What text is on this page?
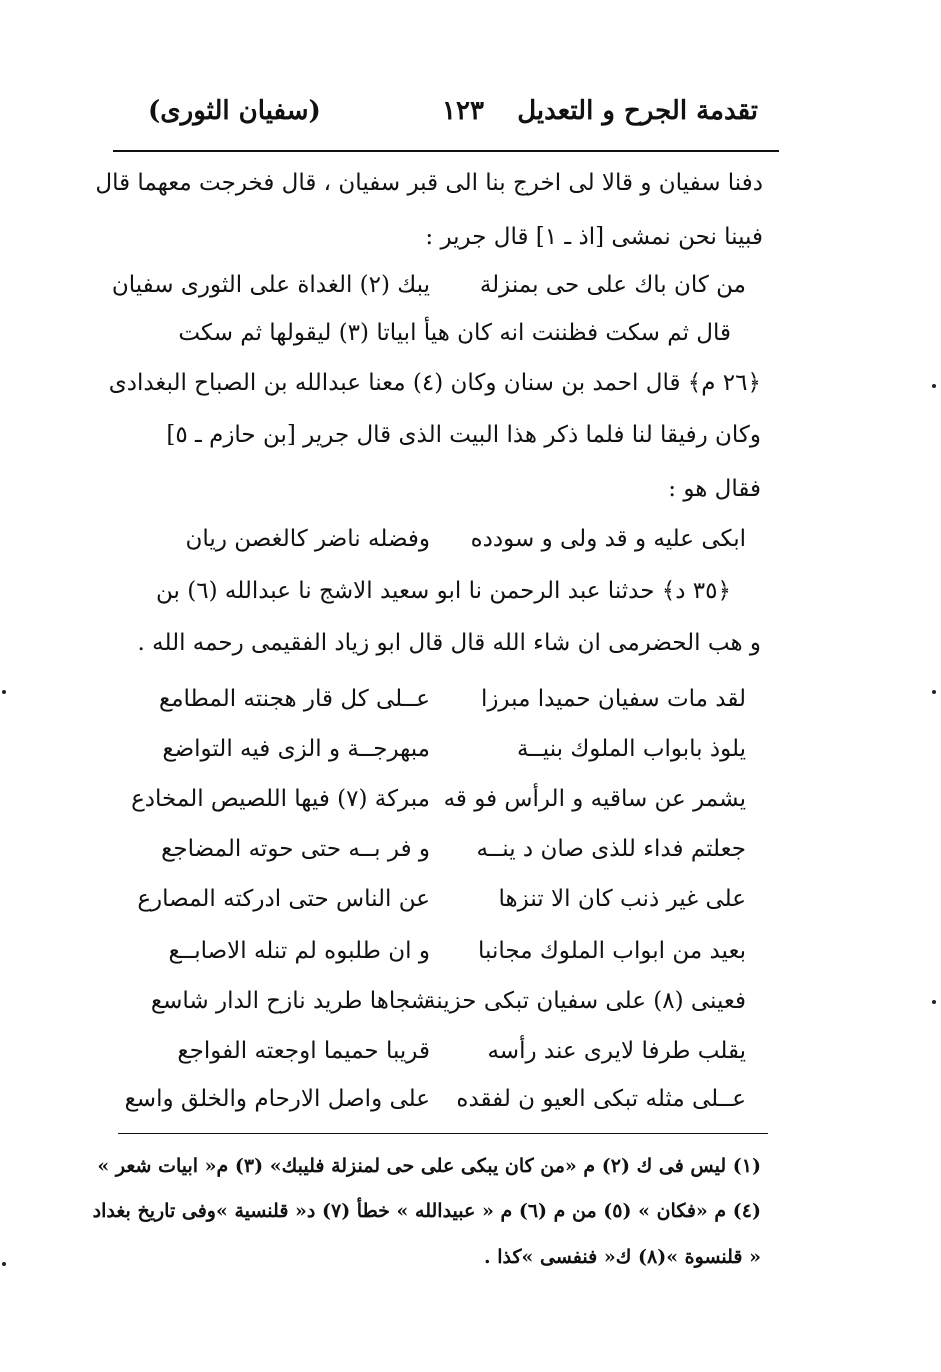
تقدمة الجرح و التعديل
١٢٣
(سفيان الثورى)
دفنا سفيان و قالا لى اخرج بنا الى قبر سفيان ، قال فخرجت معهما قال
فبينا نحن نمشى [اذ ـ ١] قال جرير :
من كان باك على حى بمنزلة
يبك (٢) الغداة على الثورى سفيان
قال ثم سكت فظننت انه كان هيأ ابياتا (٣) ليقولها ثم سكت
﴿٢٦ م﴾ قال احمد بن سنان وكان (٤) معنا عبدالله بن الصباح البغدادى
وكان رفيقا لنا فلما ذكر هذا البيت الذى قال جرير [بن حازم ـ ٥]
فقال هو :
ابكى عليه و قد ولى و سودده
وفضله ناضر كالغصن ريان
﴿٣٥ د﴾ حدثنا عبد الرحمن نا ابو سعيد الاشج نا عبدالله (٦) بن
و هب الحضرمى ان شاء الله قال قال ابو زياد الفقيمى رحمه الله .
لقد مات سفيان حميدا مبرزا
عــلى كل قار هجنته المطامع
يلوذ بابواب الملوك بنيــة
مبهرجــة و الزى فيه التواضع
يشمر عن ساقيه و الرأس فو قه
مبركة (٧) فيها اللصيص المخادع
جعلتم فداء للذى صان د ينــه
و فر بــه حتى حوته المضاجع
على غير ذنب كان الا تنزها
عن الناس حتى ادركته المصارع
بعيد من ابواب الملوك مجانبا
و ان طلبوه لم تنله الاصابــع
فعينى (٨) على سفيان تبكى حزينة
شجاها طريد نازح الدار شاسع
يقلب طرفا لايرى عند رأسه
قريبا حميما اوجعته الفواجع
عــلى مثله تبكى العيو ن لفقده
على واصل الارحام والخلق واسع
(١) ليس فى ك (٢) م «من كان يبكى على حى لمنزلة فليبك» (٣) م« ابيات شعر »
(٤) م «فكان » (٥) من م (٦) م « عبيدالله » خطأ (٧) د« قلنسية »وفى تاريخ بغداد
« قلنسوة »(٨) ك« فنفسى »كذا .
